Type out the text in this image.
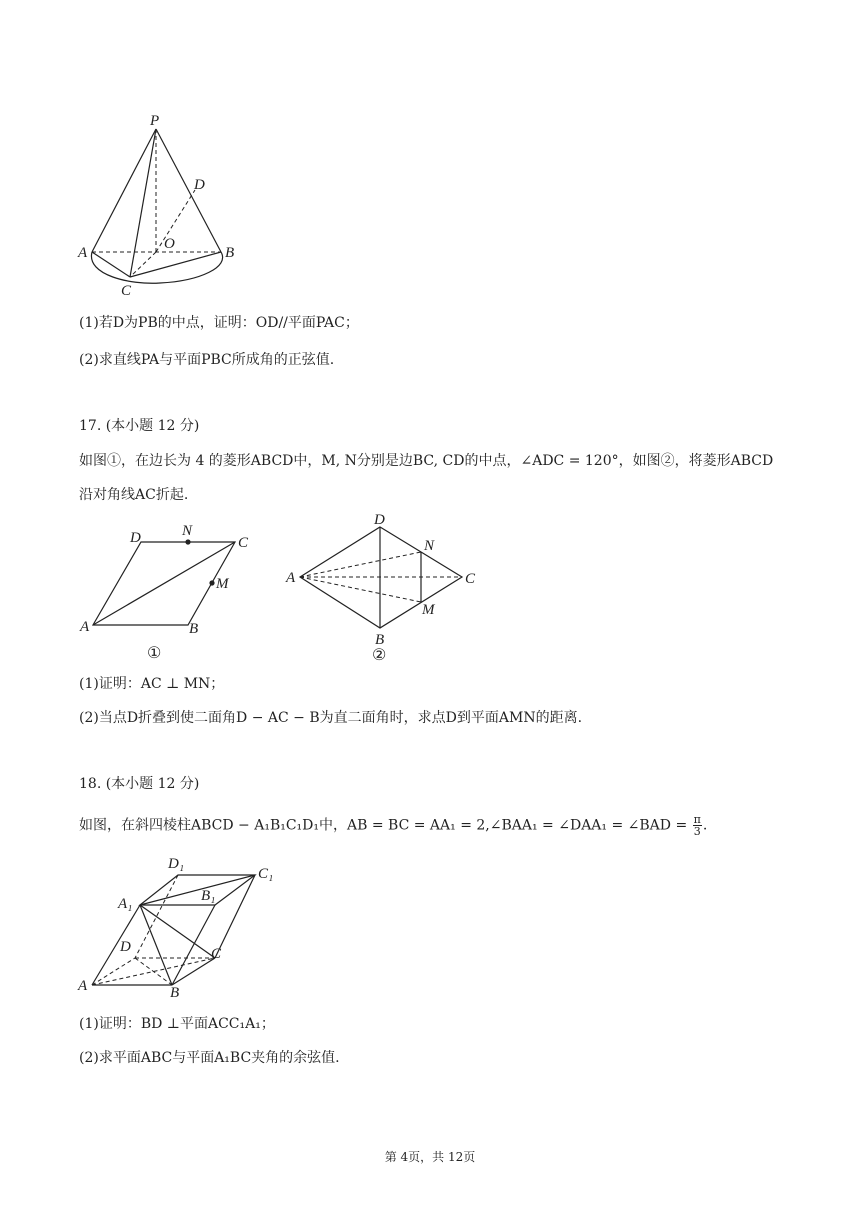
P
D
A
O
B
C
(1)若D为PB的中点，证明：OD//平面PAC；
(2)求直线PA与平面PBC所成角的正弦值.
17. (本小题 12 分)
如图①，在边长为 4 的菱形ABCD中，M, N分别是边BC, CD的中点，∠ADC = 120°，如图②，将菱形ABCD
沿对角线AC折起.
D	N
C
M
A	B
①
D
N
A	C
M
B
②
(1)证明：AC ⊥ MN；
(2)当点D折叠到使二面角D − AC − B为直二面角时，求点D到平面AMN的距离.
18. (本小题 12 分)
如图，在斜四棱柱ABCD − A₁B₁C₁D₁中，AB = BC = AA₁ = 2,∠BAA₁ = ∠DAA₁ = ∠BAD = $\frac{\pi}{3}$ .
D₁
C₁
A₁	B₁
D	C
A	B
(1)证明：BD ⊥平面ACC₁A₁；
(2)求平面ABC与平面A₁BC夹角的余弦值.
第 4页，共 12页
